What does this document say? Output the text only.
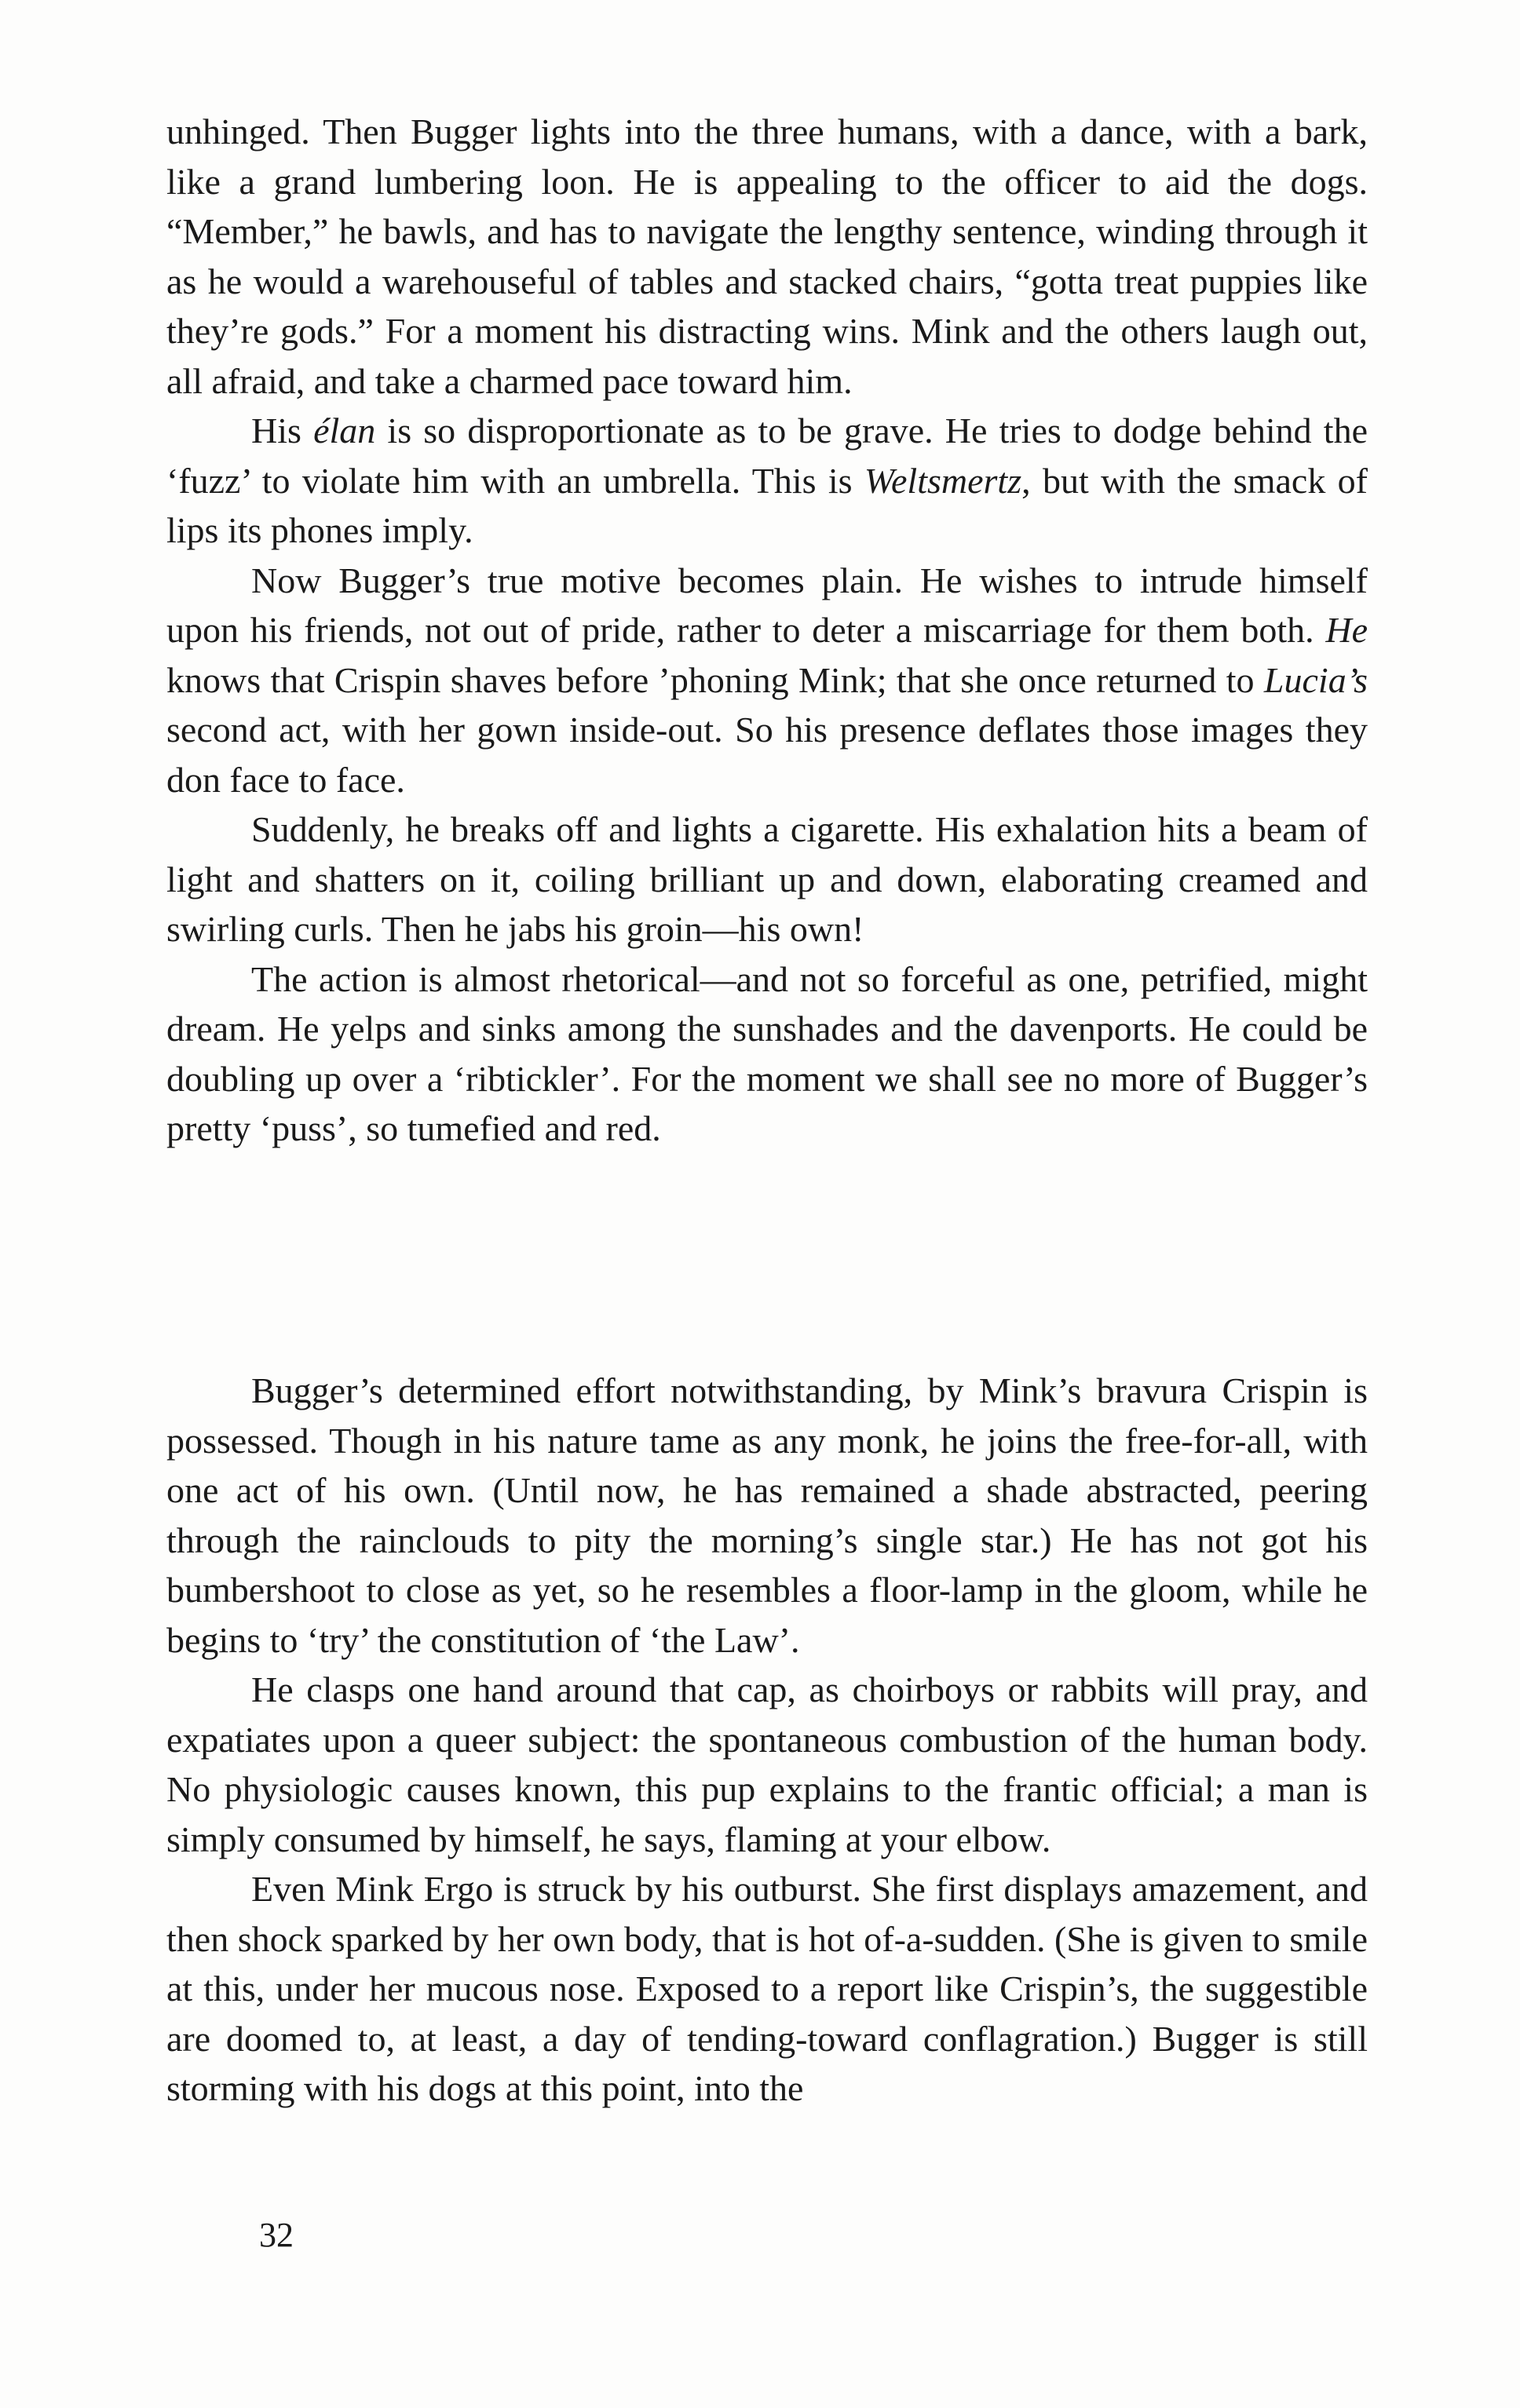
unhinged. Then Bugger lights into the three humans, with a dance, with a bark, like a grand lumbering loon. He is appealing to the officer to aid the dogs. “Member,” he bawls, and has to navigate the lengthy sentence, winding through it as he would a warehouseful of tables and stacked chairs, “gotta treat puppies like they’re gods.” For a moment his distracting wins. Mink and the others laugh out, all afraid, and take a charmed pace toward him.

His élan is so disproportionate as to be grave. He tries to dodge behind the ‘fuzz’ to violate him with an umbrella. This is Weltsmertz, but with the smack of lips its phones imply.

Now Bugger’s true motive becomes plain. He wishes to intrude himself upon his friends, not out of pride, rather to deter a miscarriage for them both. He knows that Crispin shaves before ’phoning Mink; that she once returned to Lucia’s second act, with her gown inside-out. So his presence deflates those images they don face to face.

Suddenly, he breaks off and lights a cigarette. His exhalation hits a beam of light and shatters on it, coiling brilliant up and down, elaborating creamed and swirling curls. Then he jabs his groin—his own!

The action is almost rhetorical—and not so forceful as one, petrified, might dream. He yelps and sinks among the sunshades and the davenports. He could be doubling up over a ‘ribtickler’. For the moment we shall see no more of Bugger’s pretty ‘puss’, so tumefied and red.

Bugger’s determined effort notwithstanding, by Mink’s bravura Crispin is possessed. Though in his nature tame as any monk, he joins the free-for-all, with one act of his own. (Until now, he has remained a shade abstracted, peering through the rainclouds to pity the morning’s single star.) He has not got his bumbershoot to close as yet, so he resembles a floor-lamp in the gloom, while he begins to ‘try’ the constitution of ‘the Law’.

He clasps one hand around that cap, as choirboys or rabbits will pray, and expatiates upon a queer subject: the spontaneous combustion of the human body. No physiologic causes known, this pup explains to the frantic official; a man is simply consumed by himself, he says, flaming at your elbow.

Even Mink Ergo is struck by his outburst. She first displays amazement, and then shock sparked by her own body, that is hot of-a-sudden. (She is given to smile at this, under her mucous nose. Exposed to a report like Crispin’s, the suggestible are doomed to, at least, a day of tending-toward conflagration.) Bugger is still storming with his dogs at this point, into the

32
